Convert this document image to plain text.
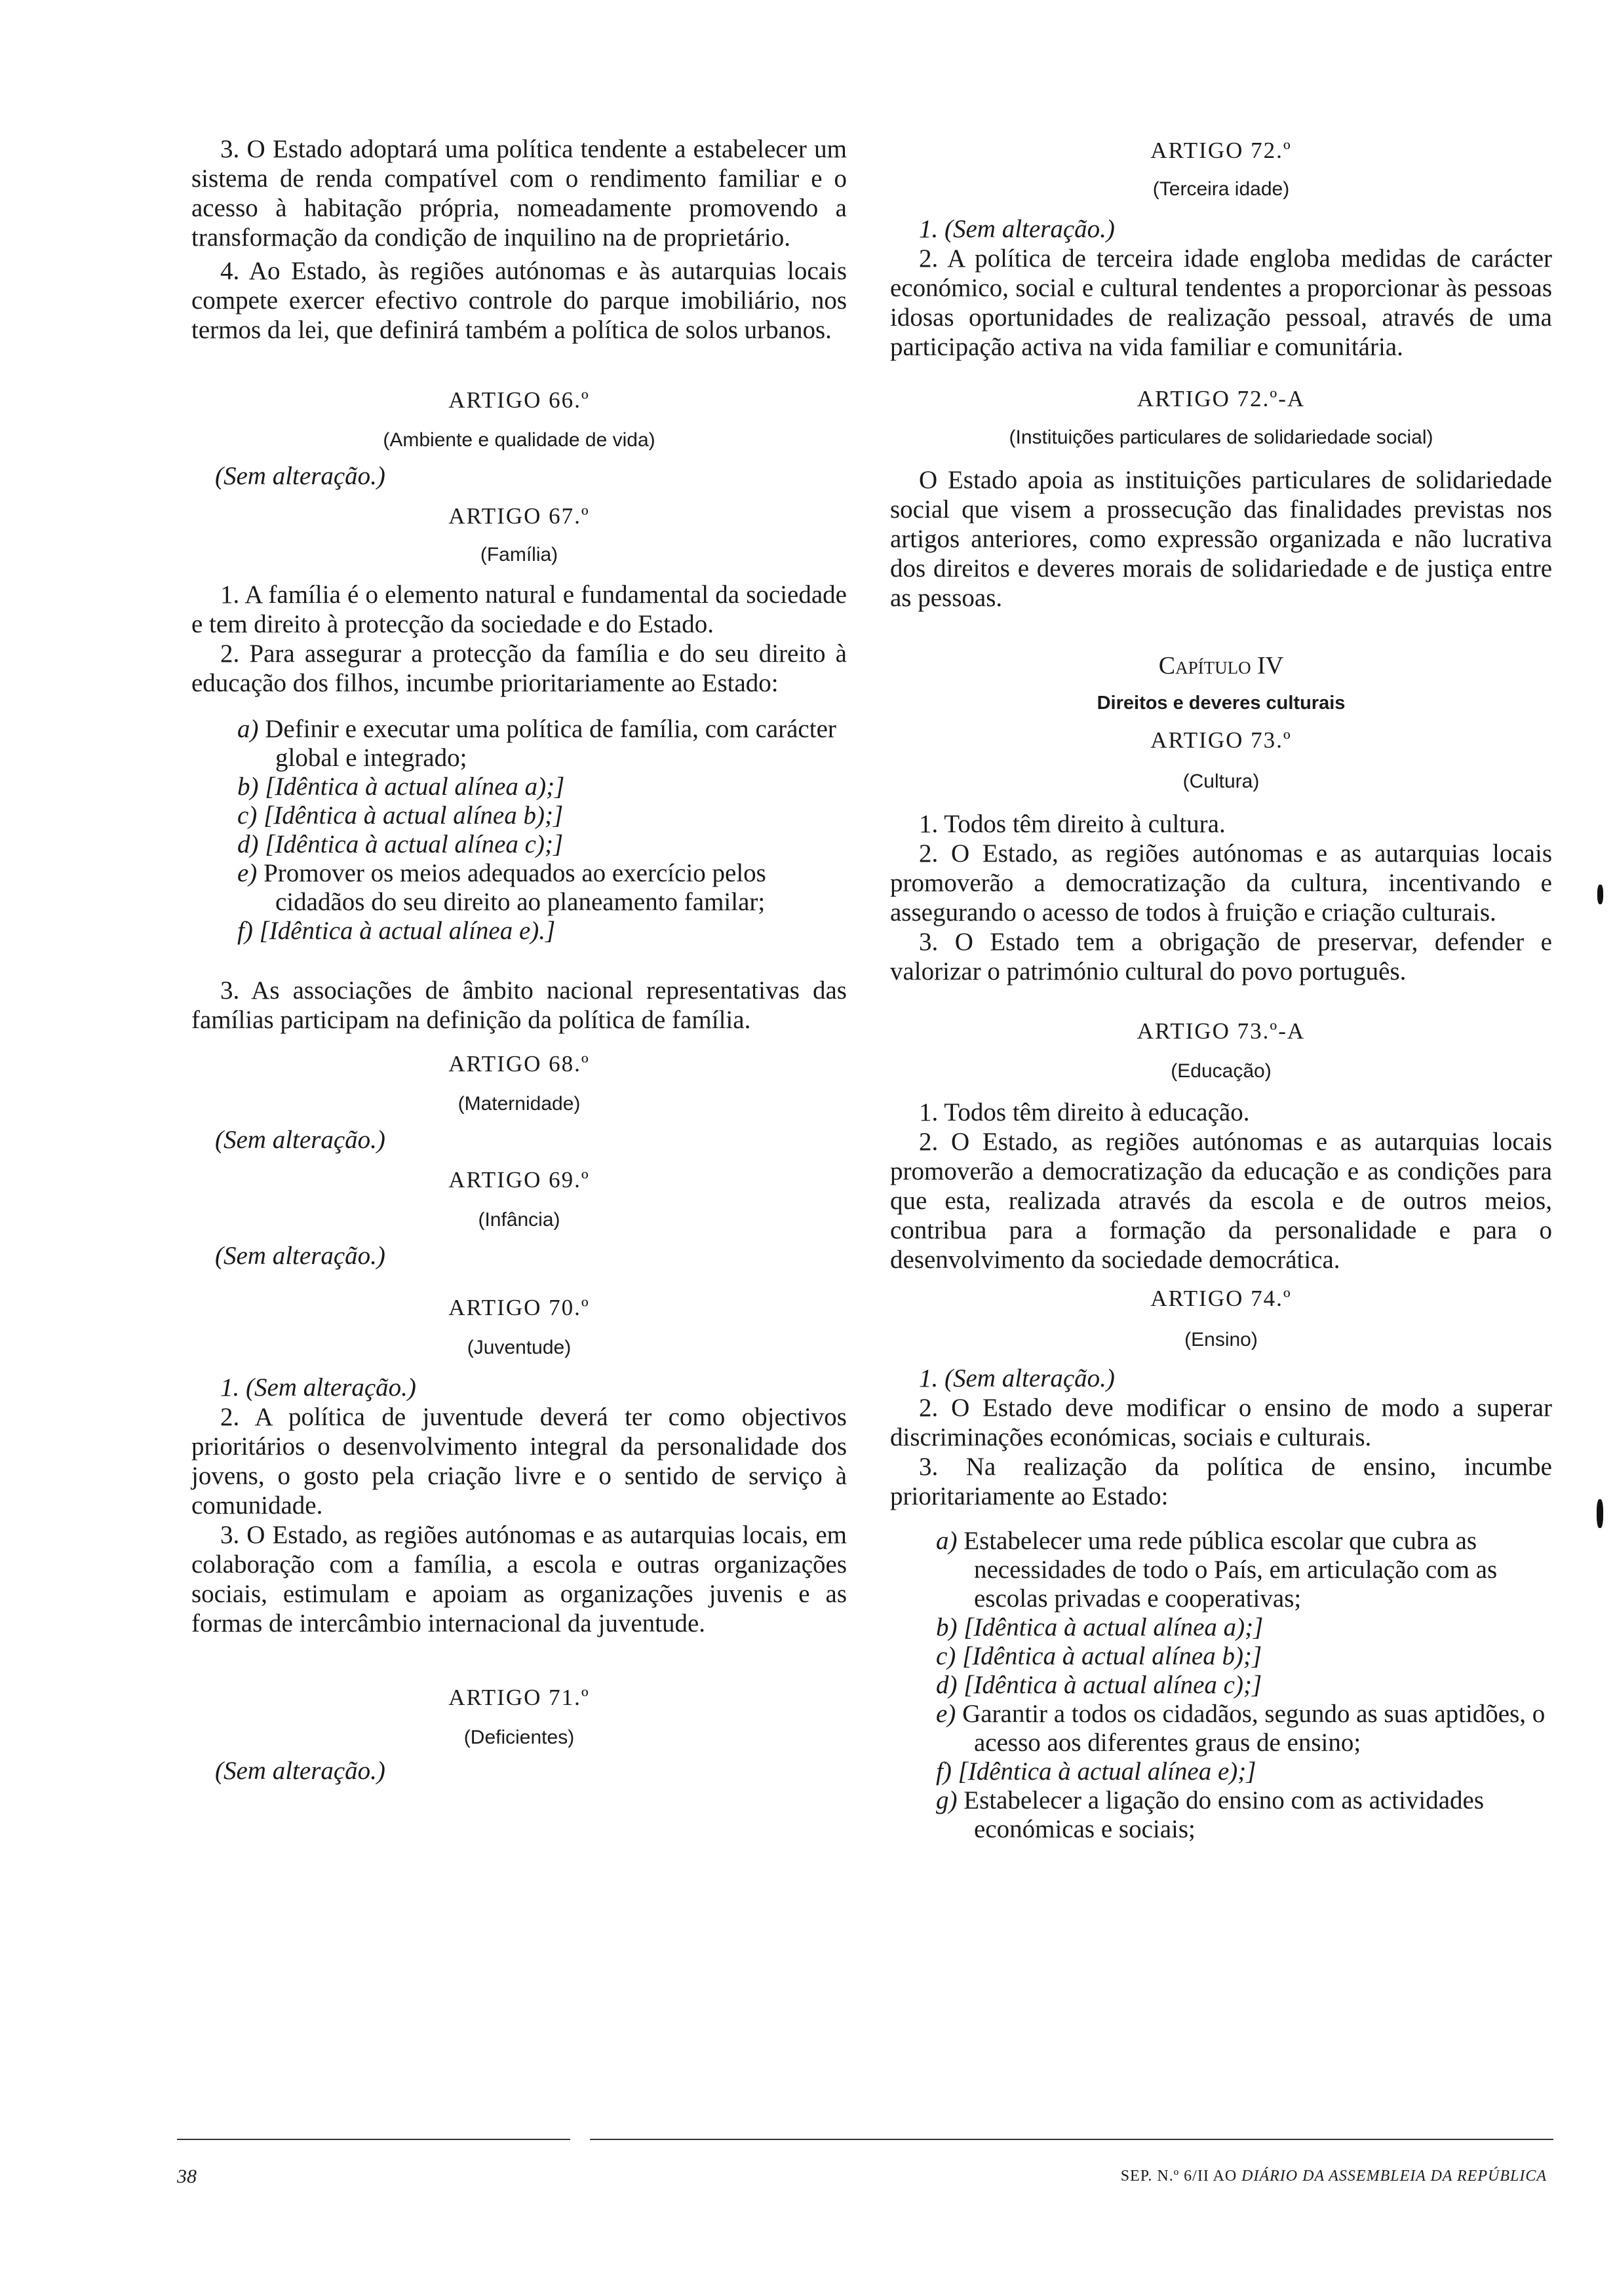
3. O Estado adoptará uma política tendente a estabelecer um sistema de renda compatível com o rendimento familiar e o acesso à habitação própria, nomeadamente promovendo a transformação da condição de inquilino na de proprietário.

4. Ao Estado, às regiões autónomas e às autarquias locais compete exercer efectivo controle do parque imobiliário, nos termos da lei, que definirá também a política de solos urbanos.

ARTIGO 66.º
(Ambiente e qualidade de vida)
(Sem alteração.)
ARTIGO 67.º
(Família)

1. A família é o elemento natural e fundamental da sociedade e tem direito à protecção da sociedade e do Estado.

2. Para assegurar a protecção da família e do seu direito à educação dos filhos, incumbe prioritariamente ao Estado:

a) Definir e executar uma política de família, com carácter global e integrado;
b) [Idêntica à actual alínea a);]
c) [Idêntica à actual alínea b);]
d) [Idêntica à actual alínea c);]
e) Promover os meios adequados ao exercício pelos cidadãos do seu direito ao planeamento familar;
f) [Idêntica à actual alínea e).]

3. As associações de âmbito nacional representativas das famílias participam na definição da política de família.

ARTIGO 68.º
(Maternidade)
(Sem alteração.)
ARTIGO 69.º
(Infância)
(Sem alteração.)
ARTIGO 70.º
(Juventude)

1. (Sem alteração.)

2. A política de juventude deverá ter como objectivos prioritários o desenvolvimento integral da personalidade dos jovens, o gosto pela criação livre e o sentido de serviço à comunidade.

3. O Estado, as regiões autónomas e as autarquias locais, em colaboração com a família, a escola e outras organizações sociais, estimulam e apoiam as organizações juvenis e as formas de intercâmbio internacional da juventude.

ARTIGO 71.º
(Deficientes)
(Sem alteração.)
ARTIGO 72.º
(Terceira idade)

1. (Sem alteração.)

2. A política de terceira idade engloba medidas de carácter económico, social e cultural tendentes a proporcionar às pessoas idosas oportunidades de realização pessoal, através de uma participação activa na vida familiar e comunitária.

ARTIGO 72.º-A
(Instituições particulares de solidariedade social)

O Estado apoia as instituições particulares de solidariedade social que visem a prossecução das finalidades previstas nos artigos anteriores, como expressão organizada e não lucrativa dos direitos e deveres morais de solidariedade e de justiça entre as pessoas.

Capítulo IV
Direitos e deveres culturais
ARTIGO 73.º
(Cultura)

1. Todos têm direito à cultura.

2. O Estado, as regiões autónomas e as autarquias locais promoverão a democratização da cultura, incentivando e assegurando o acesso de todos à fruição e criação culturais.

3. O Estado tem a obrigação de preservar, defender e valorizar o património cultural do povo português.

ARTIGO 73.º-A
(Educação)

1. Todos têm direito à educação.

2. O Estado, as regiões autónomas e as autarquias locais promoverão a democratização da educação e as condições para que esta, realizada através da escola e de outros meios, contribua para a formação da personalidade e para o desenvolvimento da sociedade democrática.

ARTIGO 74.º
(Ensino)

1. (Sem alteração.)

2. O Estado deve modificar o ensino de modo a superar discriminações económicas, sociais e culturais.

3. Na realização da política de ensino, incumbe prioritariamente ao Estado:

a) Estabelecer uma rede pública escolar que cubra as necessidades de todo o País, em articulação com as escolas privadas e cooperativas;
b) [Idêntica à actual alínea a);]
c) [Idêntica à actual alínea b);]
d) [Idêntica à actual alínea c);]
e) Garantir a todos os cidadãos, segundo as suas aptidões, o acesso aos diferentes graus de ensino;
f) [Idêntica à actual alínea e);]
g) Estabelecer a ligação do ensino com as actividades económicas e sociais;
38	SEP. N.º 6/II AO DIÁRIO DA ASSEMBLEIA DA REPÚBLICA
